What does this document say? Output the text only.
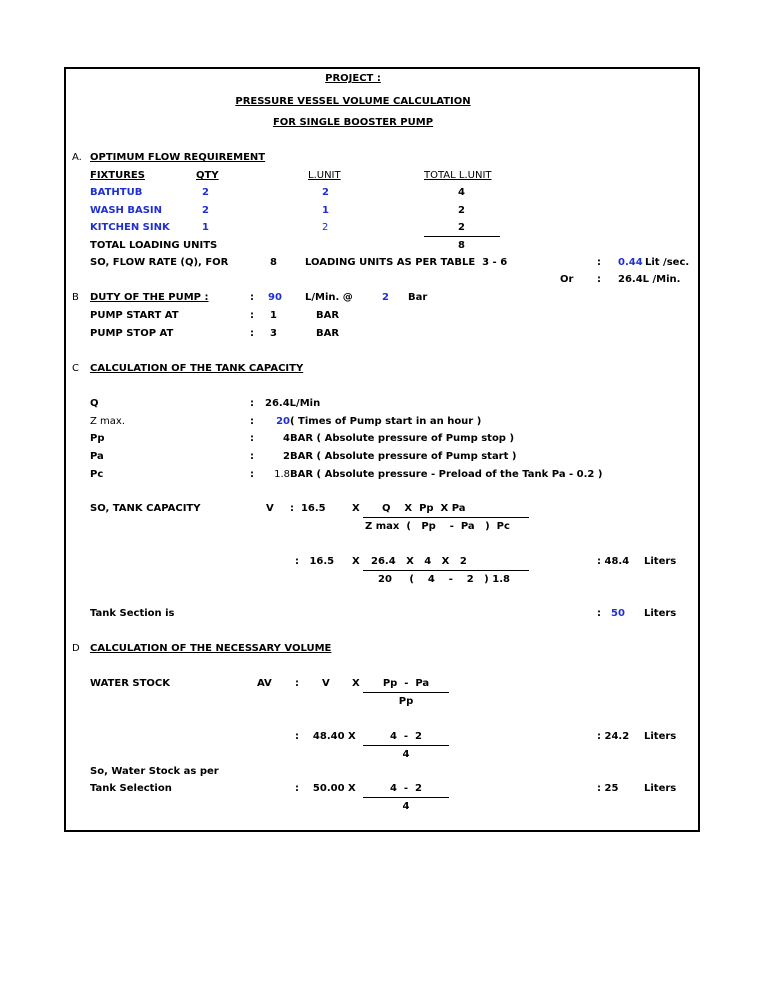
PROJECT :
PRESSURE VESSEL VOLUME CALCULATION
FOR SINGLE BOOSTER PUMP
A. OPTIMUM FLOW REQUIREMENT
FIXTURES	QTY	L.UNIT	TOTAL L.UNIT
BATHTUB	2	2	4
WASH BASIN	2	1	2
KITCHEN SINK	1	2	2
TOTAL LOADING UNITS	8
SO, FLOW RATE (Q), FOR	8	LOADING UNITS AS PER TABLE  3 - 6	: 0.44 Lit /sec.
Or : 26.4L /Min.
B DUTY OF THE PUMP :	: 90 L/Min. @	2 Bar
PUMP START AT	: 1	BAR
PUMP STOP AT	: 3	BAR
C CALCULATION OF THE TANK CAPACITY
Q	: 26.4L/Min
Z max.	:	20 ( Times of Pump start in an hour )
Pp	:	4 BAR ( Absolute pressure of Pump stop )
Pa	:	2 BAR ( Absolute pressure of Pump start )
Pc	:	1.8 BAR ( Absolute pressure - Preload of the Tank Pa - 0.2 )
SO, TANK CAPACITY	V :  16.5	X Q    X  Pp  X Pa
Z max  (   Pp    -  Pa   )  Pc
:   16.5 X 26.4   X   4   X   2
20     (    4    -    2   ) 1.8
: 48.4 Liters
Tank Section is	: 50 Liters
D CALCULATION OF THE NECESSARY VOLUME
WATER STOCK	AV : V X	Pp  -  Pa
Pp
:    48.40 X	4  -  2
4
: 24.2 Liters
So, Water Stock as per
Tank Selection	:    50.00 X	4  -  2
4
: 25	Liters
